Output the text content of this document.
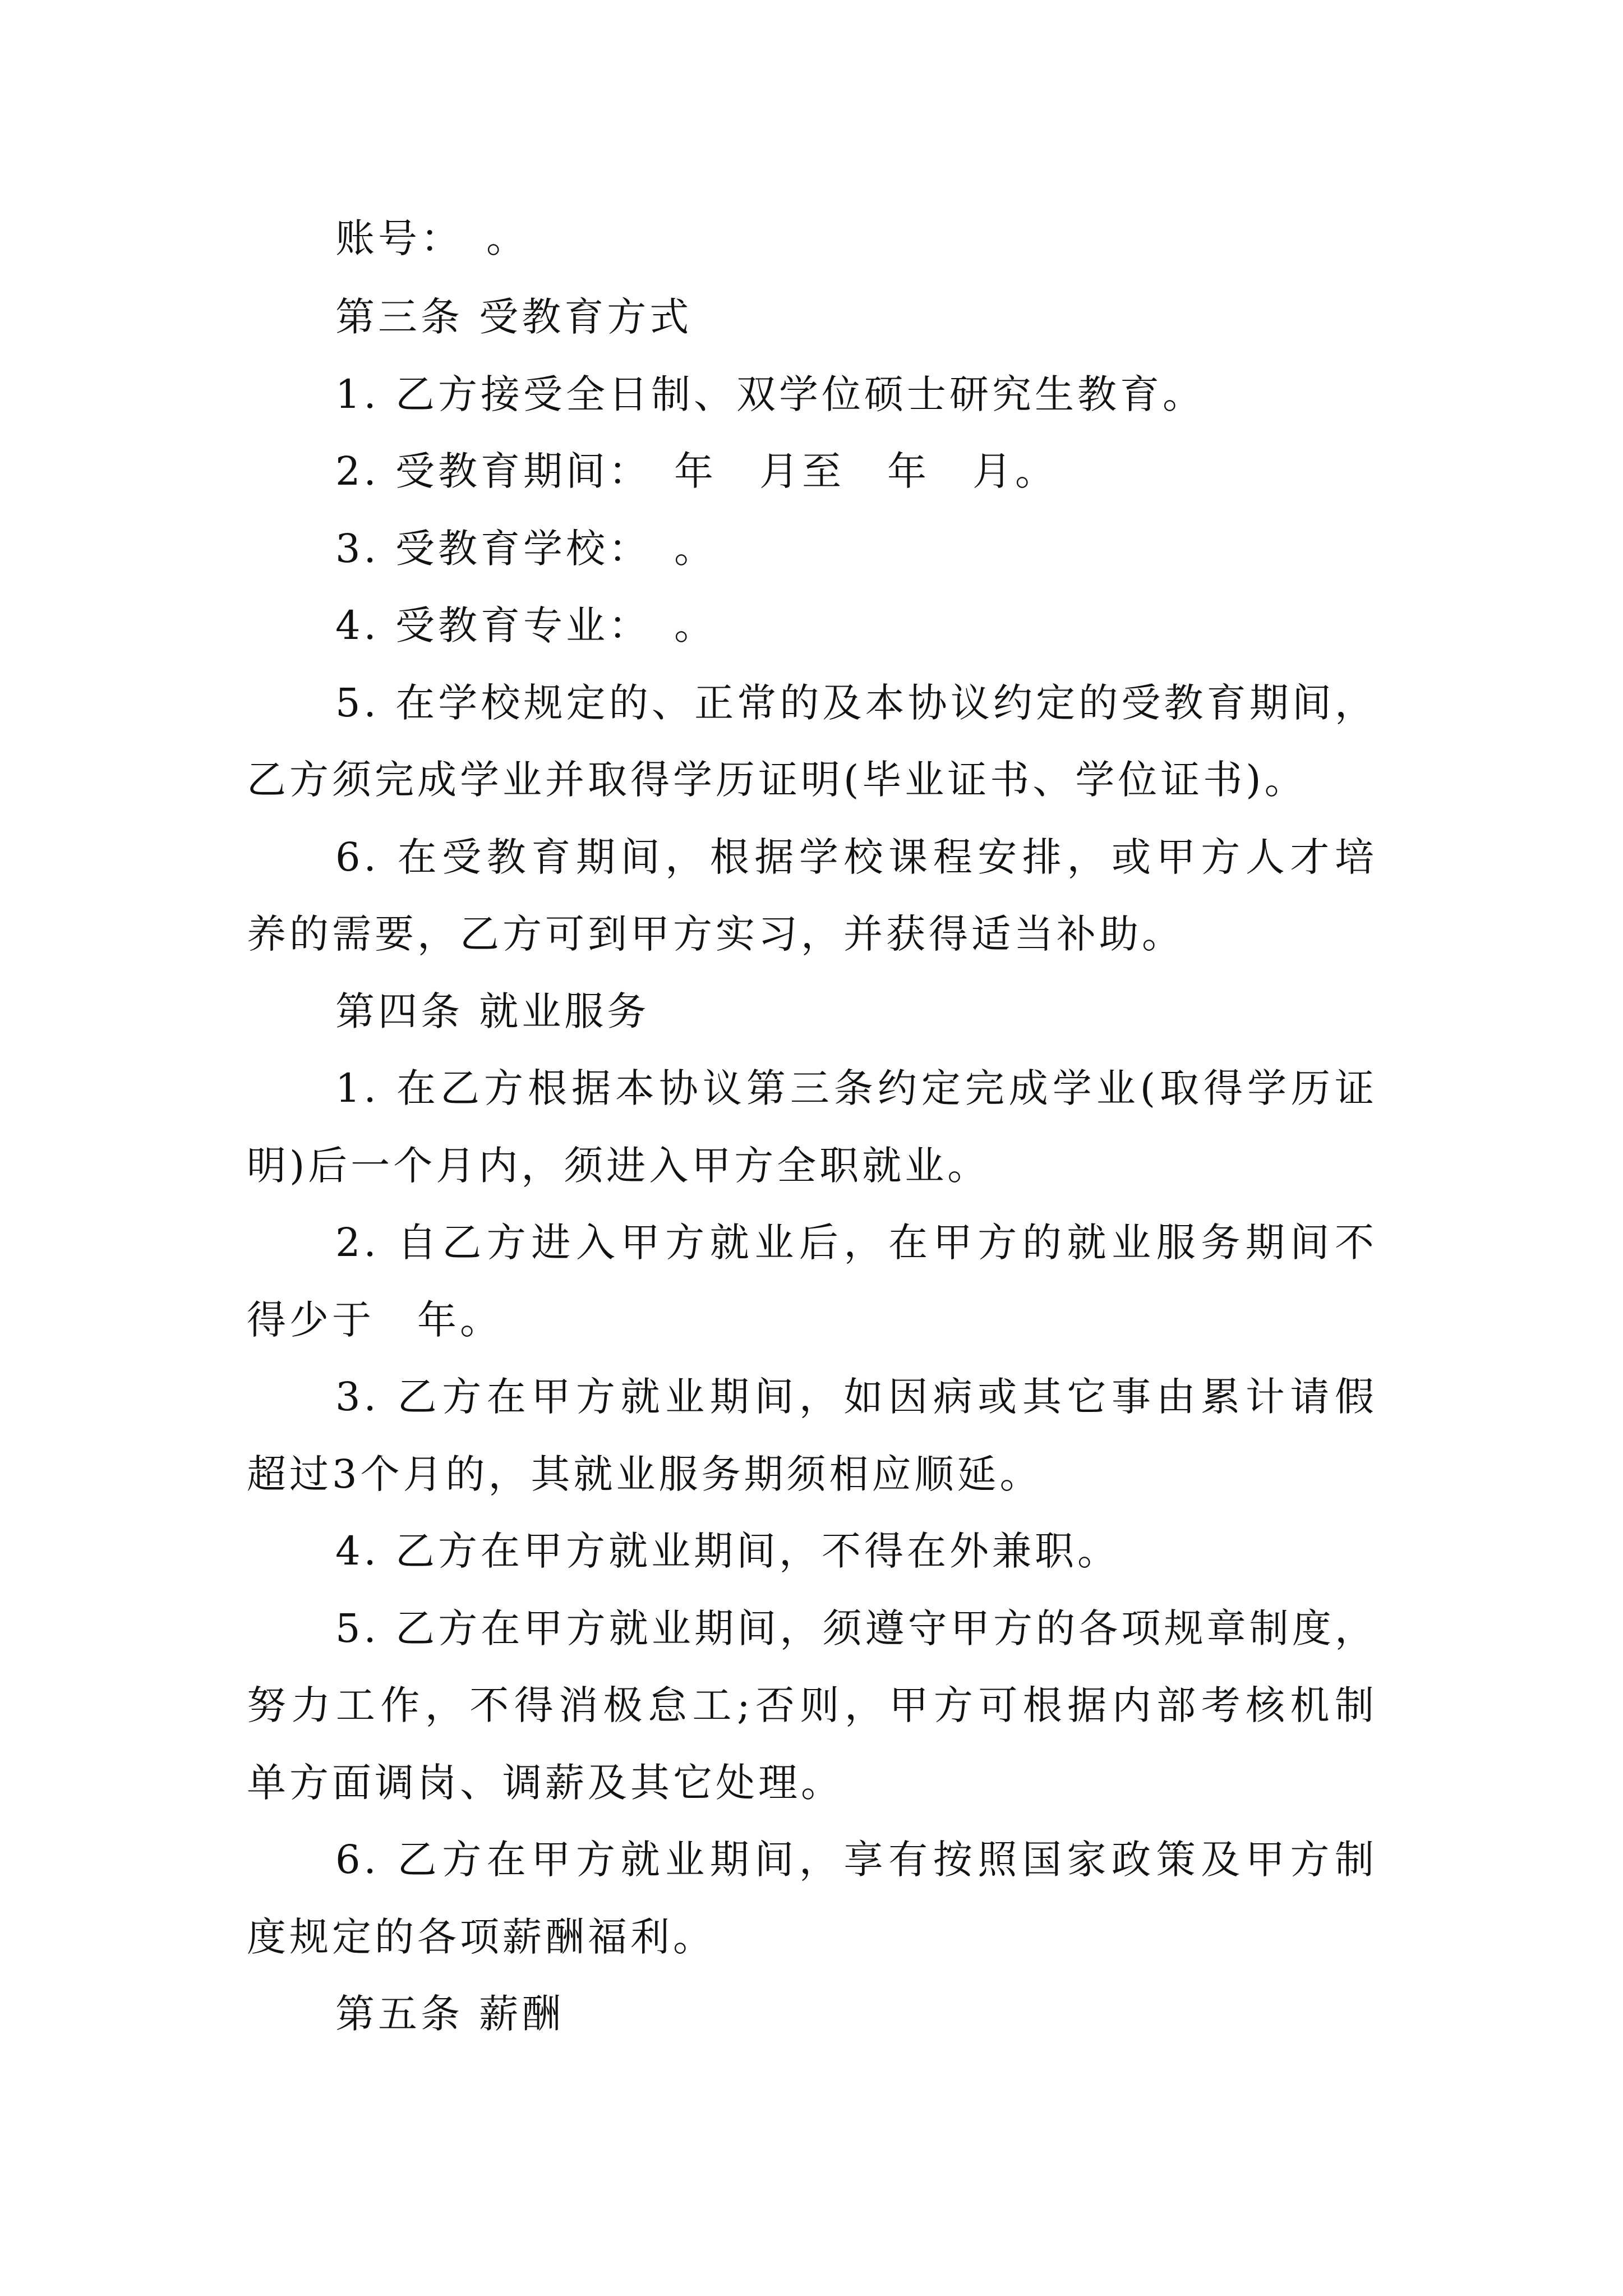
账号：　。
第三条 受教育方式
1. 乙方接受全日制、双学位硕士研究生教育。
2. 受教育期间：　年　月至　年　月。
3. 受教育学校：　。
4. 受教育专业：　。
5. 在学校规定的、正常的及本协议约定的受教育期间，
乙方须完成学业并取得学历证明(毕业证书、学位证书)。
6. 在受教育期间，根据学校课程安排，或甲方人才培
养的需要，乙方可到甲方实习，并获得适当补助。
第四条 就业服务
1. 在乙方根据本协议第三条约定完成学业(取得学历证
明)后一个月内，须进入甲方全职就业。
2. 自乙方进入甲方就业后，在甲方的就业服务期间不
得少于　年。
3. 乙方在甲方就业期间，如因病或其它事由累计请假
超过3个月的，其就业服务期须相应顺延。
4. 乙方在甲方就业期间，不得在外兼职。
5. 乙方在甲方就业期间，须遵守甲方的各项规章制度，
努力工作，不得消极怠工;否则，甲方可根据内部考核机制
单方面调岗、调薪及其它处理。
6. 乙方在甲方就业期间，享有按照国家政策及甲方制
度规定的各项薪酬福利。
第五条 薪酬
